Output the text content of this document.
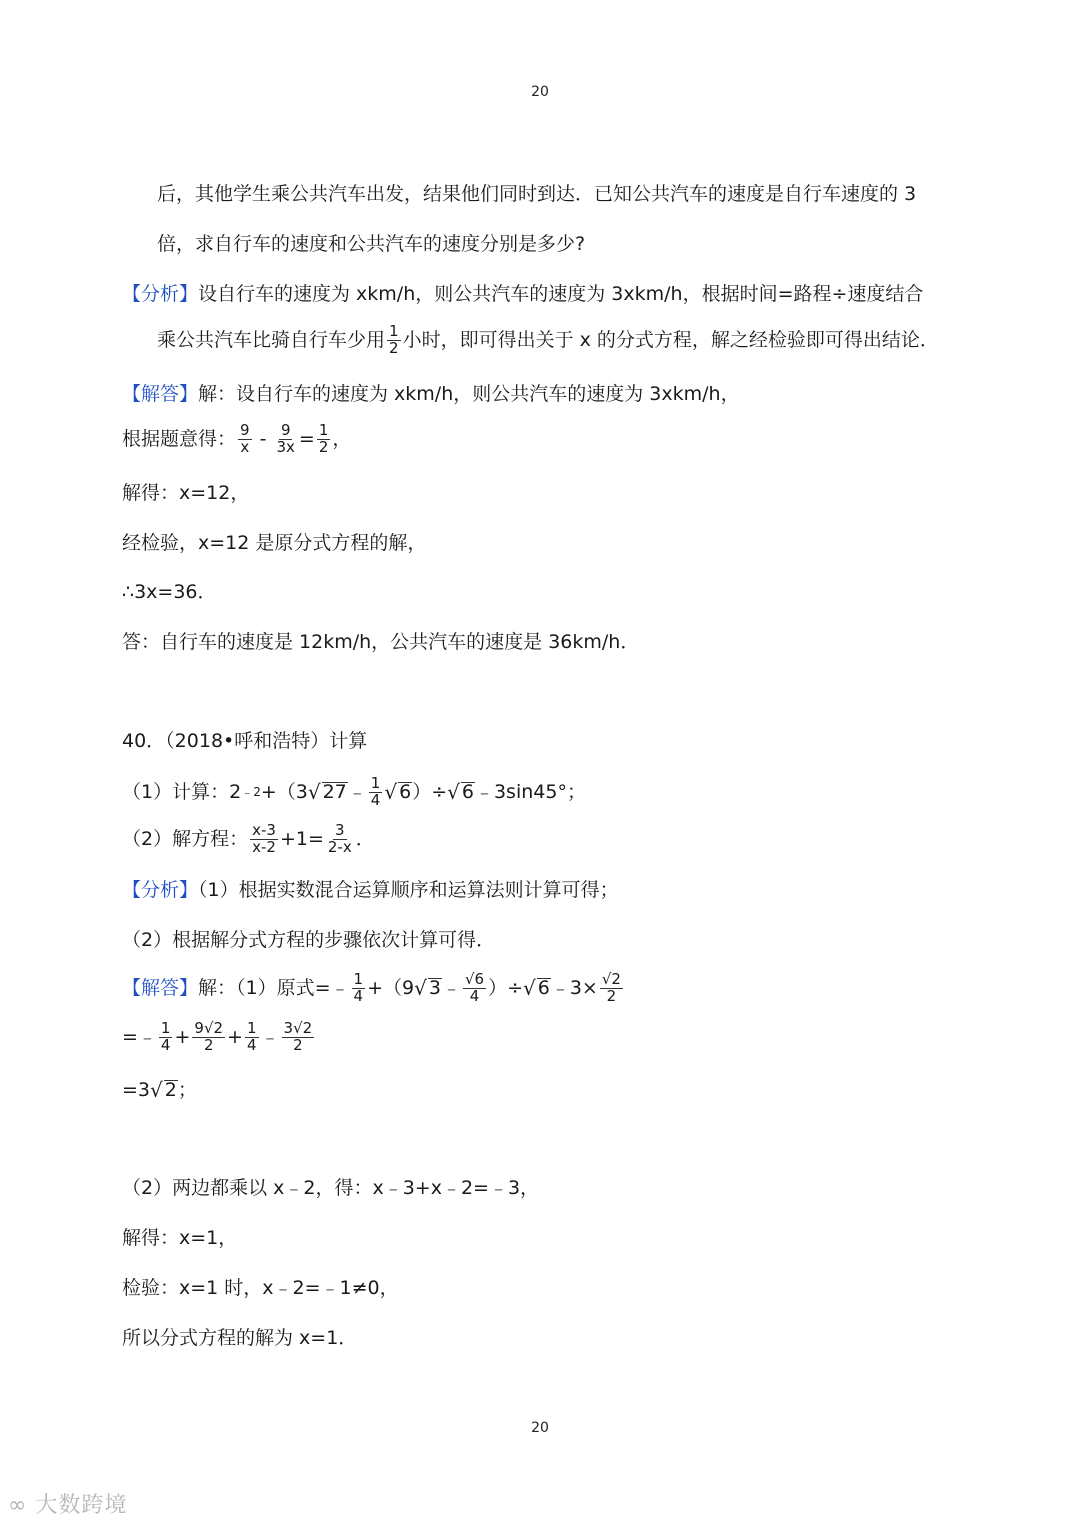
20
后，其他学生乘公共汽车出发，结果他们同时到达．已知公共汽车的速度是自行车速度的 3
倍，求自行车的速度和公共汽车的速度分别是多少?
【分析】设自行车的速度为 xkm/h，则公共汽车的速度为 3xkm/h，根据时间=路程÷速度结合
乘公共汽车比骑自行车少用 $\frac{1}{2}$ 小时，即可得出关于 x 的分式方程，解之经检验即可得出结论．
【解答】解：设自行车的速度为 xkm/h，则公共汽车的速度为 3xkm/h，
根据题意得： $\frac{9}{x} - \frac{9}{3x} = \frac{1}{2}$ ，
解得：x=12，
经检验，x=12 是原分式方程的解，
∴3x=36．
答：自行车的速度是 12km/h，公共汽车的速度是 36km/h．
40．（2018•呼和浩特）计算
（1）计算：2 ﹣2 +（3 √ 27 ﹣ $\frac{1}{4}$ √ 6 ）÷ √ 6 ﹣3sin45°；
（2）解方程： $\frac{x-3}{x-2} +1= \frac{3}{2-x}$ ．
【分析】（1）根据实数混合运算顺序和运算法则计算可得；
（2）根据解分式方程的步骤依次计算可得．
【解答】 解：（1）原式= ﹣ $\frac{1}{4} +(9$ √ 3 ﹣ $\frac{√6}{4}$ ）÷ √ 6 ﹣3× $\frac{√2}{2}$
=﹣ $\frac{1}{4} + \frac{9√2}{2} + \frac{1}{4}$ ﹣ $\frac{3√2}{2}$
=3 √ 2 ；
（2）两边都乘以 x﹣2，得：x﹣3+x﹣2=﹣3，
解得：x=1，
检验：x=1 时，x﹣2=﹣1≠0，
所以分式方程的解为 x=1．
20
∞ 大数跨境
